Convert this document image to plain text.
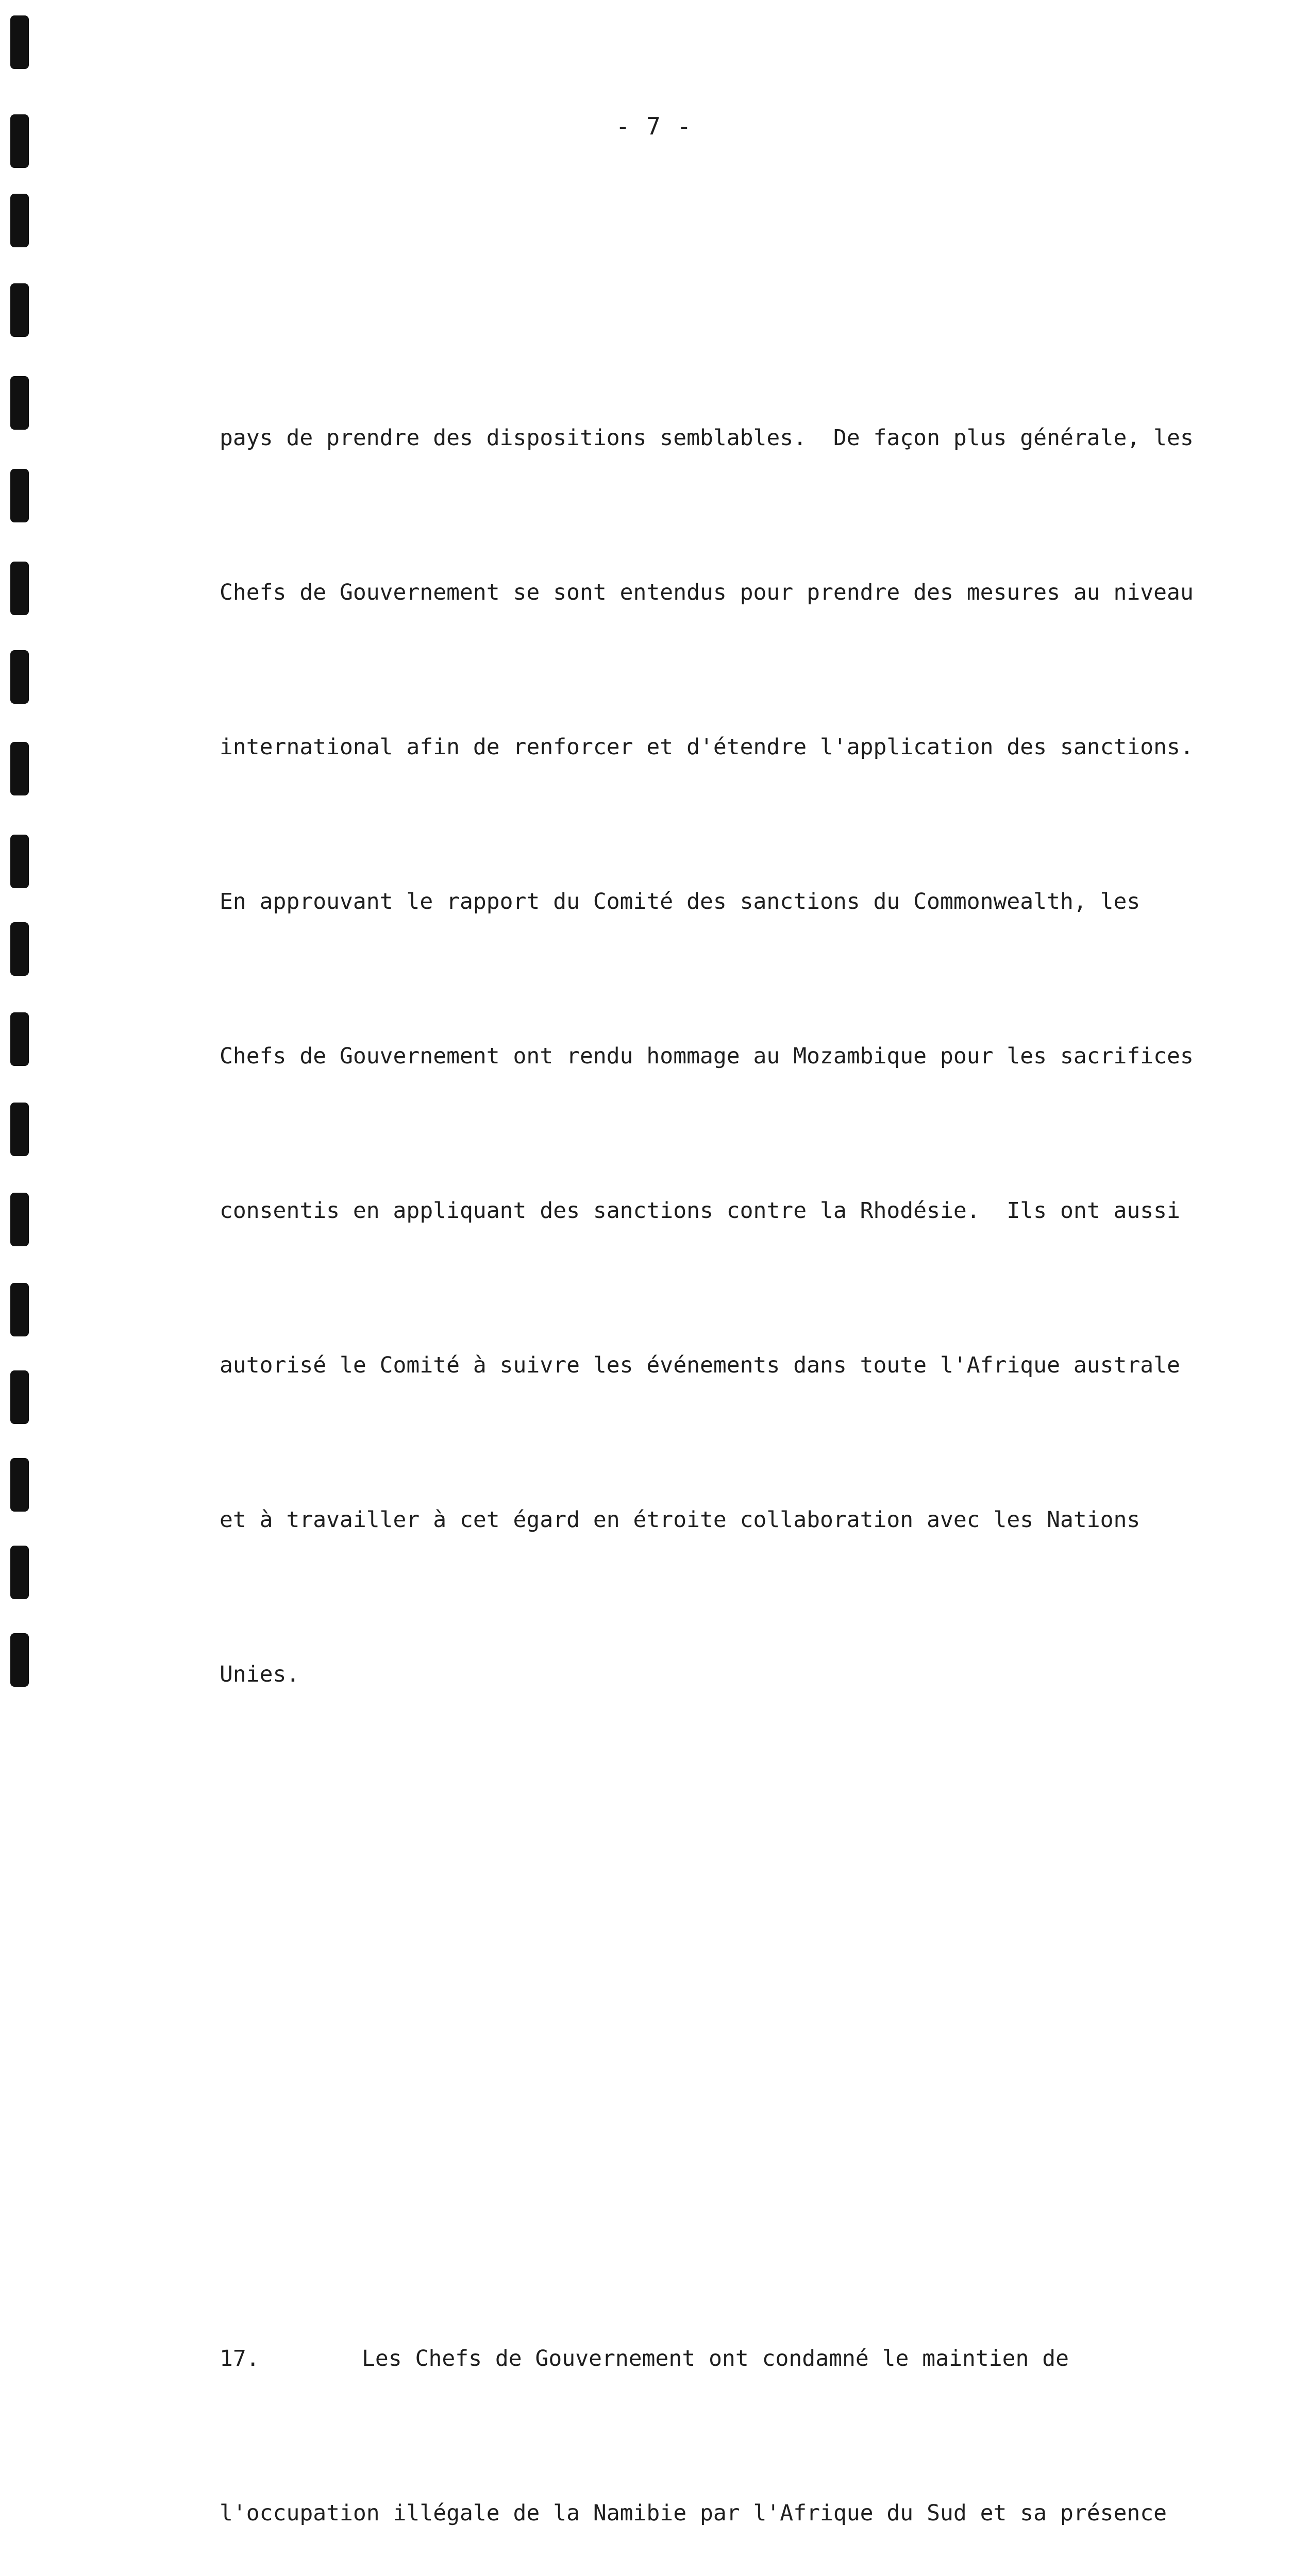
- 7 -

pays de prendre des dispositions semblables.  De façon plus générale, les

Chefs de Gouvernement se sont entendus pour prendre des mesures au niveau

international afin de renforcer et d'étendre l'application des sanctions.

En approuvant le rapport du Comité des sanctions du Commonwealth, les

Chefs de Gouvernement ont rendu hommage au Mozambique pour les sacrifices

consentis en appliquant des sanctions contre la Rhodésie.  Ils ont aussi

autorisé le Comité à suivre les événements dans toute l'Afrique australe

et à travailler à cet égard en étroite collaboration avec les Nations

Unies.

17.	Les Chefs de Gouvernement ont condamné le maintien de

l'occupation illégale de la Namibie par l'Afrique du Sud et sa présence
